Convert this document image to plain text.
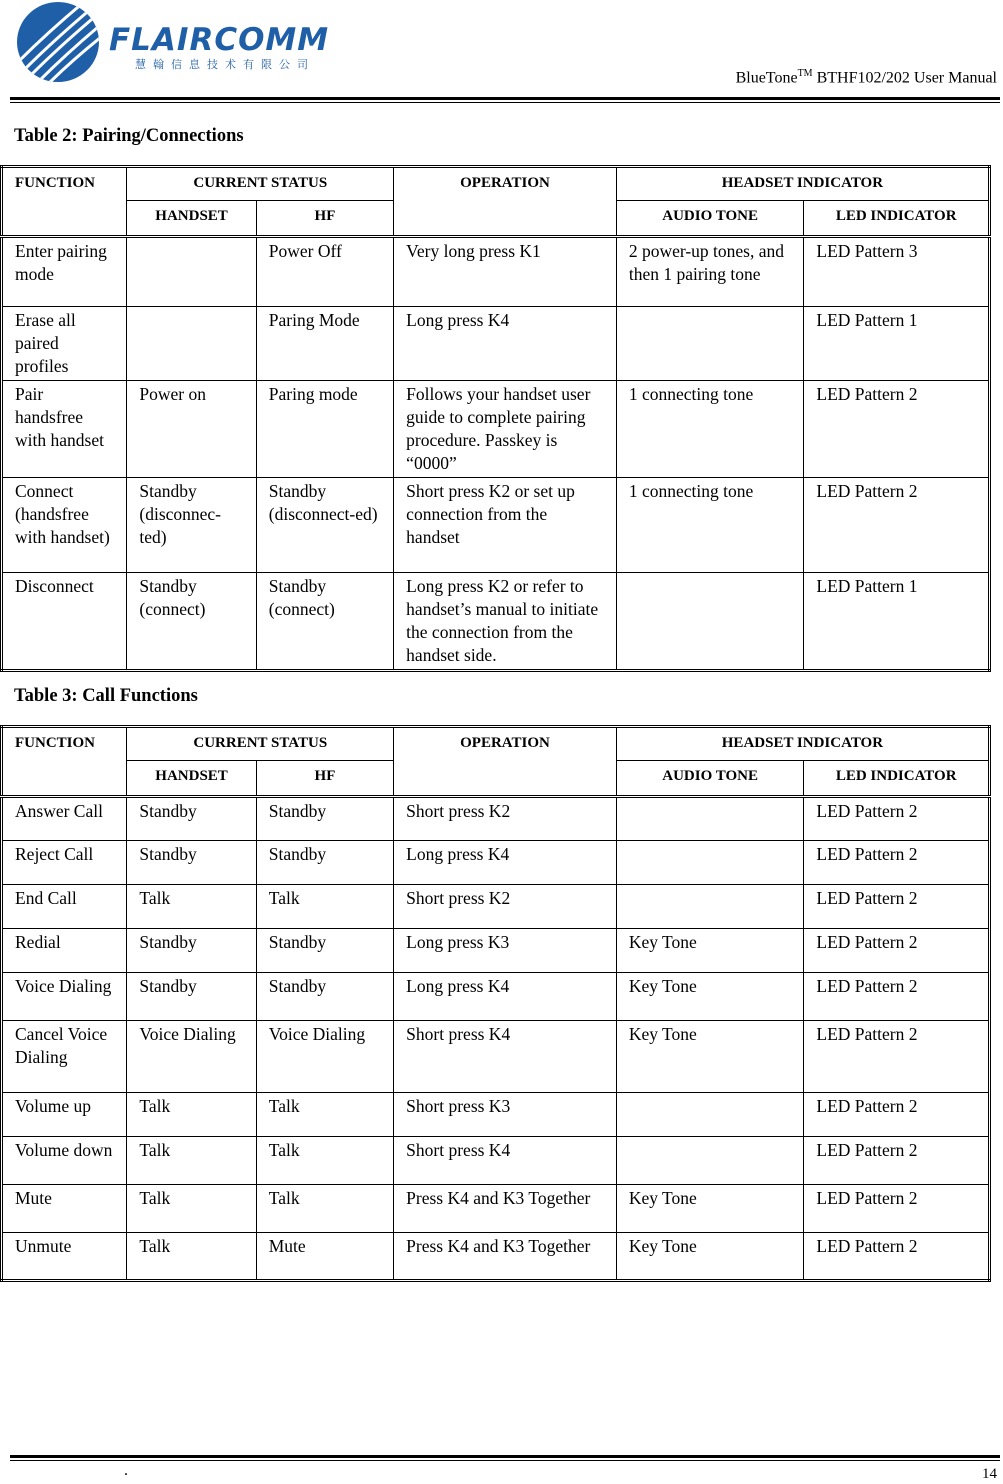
FLAIRCOMM
慧翰信息技术有限公司
BlueTone™ BTHF102/202 User Manual
Table 2: Pairing/Connections
FUNCTION	CURRENT STATUS		OPERATION	HEADSET INDICATOR	
	HANDSET	HF		AUDIO TONE	LED INDICATOR
Enter pairing mode		Power Off	Very long press K1	2 power-up tones, and then 1 pairing tone	LED Pattern 3
Erase all paired profiles		Paring Mode	Long press K4		LED Pattern 1
Pair handsfree with handset	Power on	Paring mode	Follows your handset user guide to complete pairing procedure. Passkey is “0000”	1 connecting tone	LED Pattern 2
Connect (handsfree with handset)	Standby (disconnec-ted)	Standby (disconnect-ed)	Short press K2 or set up connection from the handset	1 connecting tone	LED Pattern 2
Disconnect	Standby (connect)	Standby (connect)	Long press K2 or refer to handset’s manual to initiate the connection from the handset side.		LED Pattern 1
Table 3: Call Functions
FUNCTION	CURRENT STATUS		OPERATION	HEADSET INDICATOR	
	HANDSET	HF		AUDIO TONE	LED INDICATOR
Answer Call	Standby	Standby	Short press K2		LED Pattern 2
Reject Call	Standby	Standby	Long press K4		LED Pattern 2
End Call	Talk	Talk	Short press K2		LED Pattern 2
Redial	Standby	Standby	Long press K3	Key Tone	LED Pattern 2
Voice Dialing	Standby	Standby	Long press K4	Key Tone	LED Pattern 2
Cancel Voice Dialing	Voice Dialing	Voice Dialing	Short press K4	Key Tone	LED Pattern 2
Volume up	Talk	Talk	Short press K3		LED Pattern 2
Volume down	Talk	Talk	Short press K4		LED Pattern 2
Mute	Talk	Talk	Press K4 and K3 Together	Key Tone	LED Pattern 2
Unmute	Talk	Mute	Press K4 and K3 Together	Key Tone	LED Pattern 2
.	14
